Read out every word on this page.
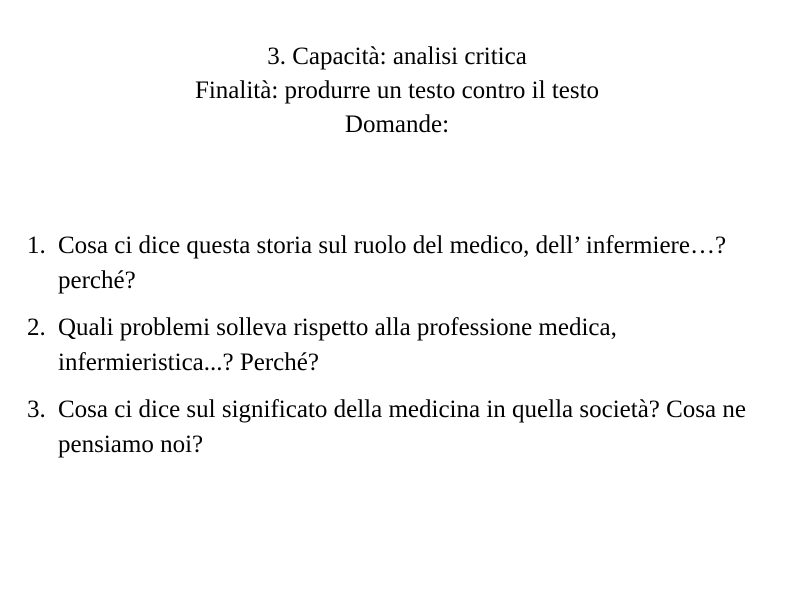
3. Capacità: analisi critica
Finalità: produrre un testo contro il testo
Domande:
1. Cosa ci dice questa storia sul ruolo del medico, dell’ infermiere…? perché?
2. Quali problemi solleva rispetto alla professione medica, infermieristica...? Perché?
3. Cosa ci dice sul significato della medicina in quella società? Cosa ne pensiamo noi?
